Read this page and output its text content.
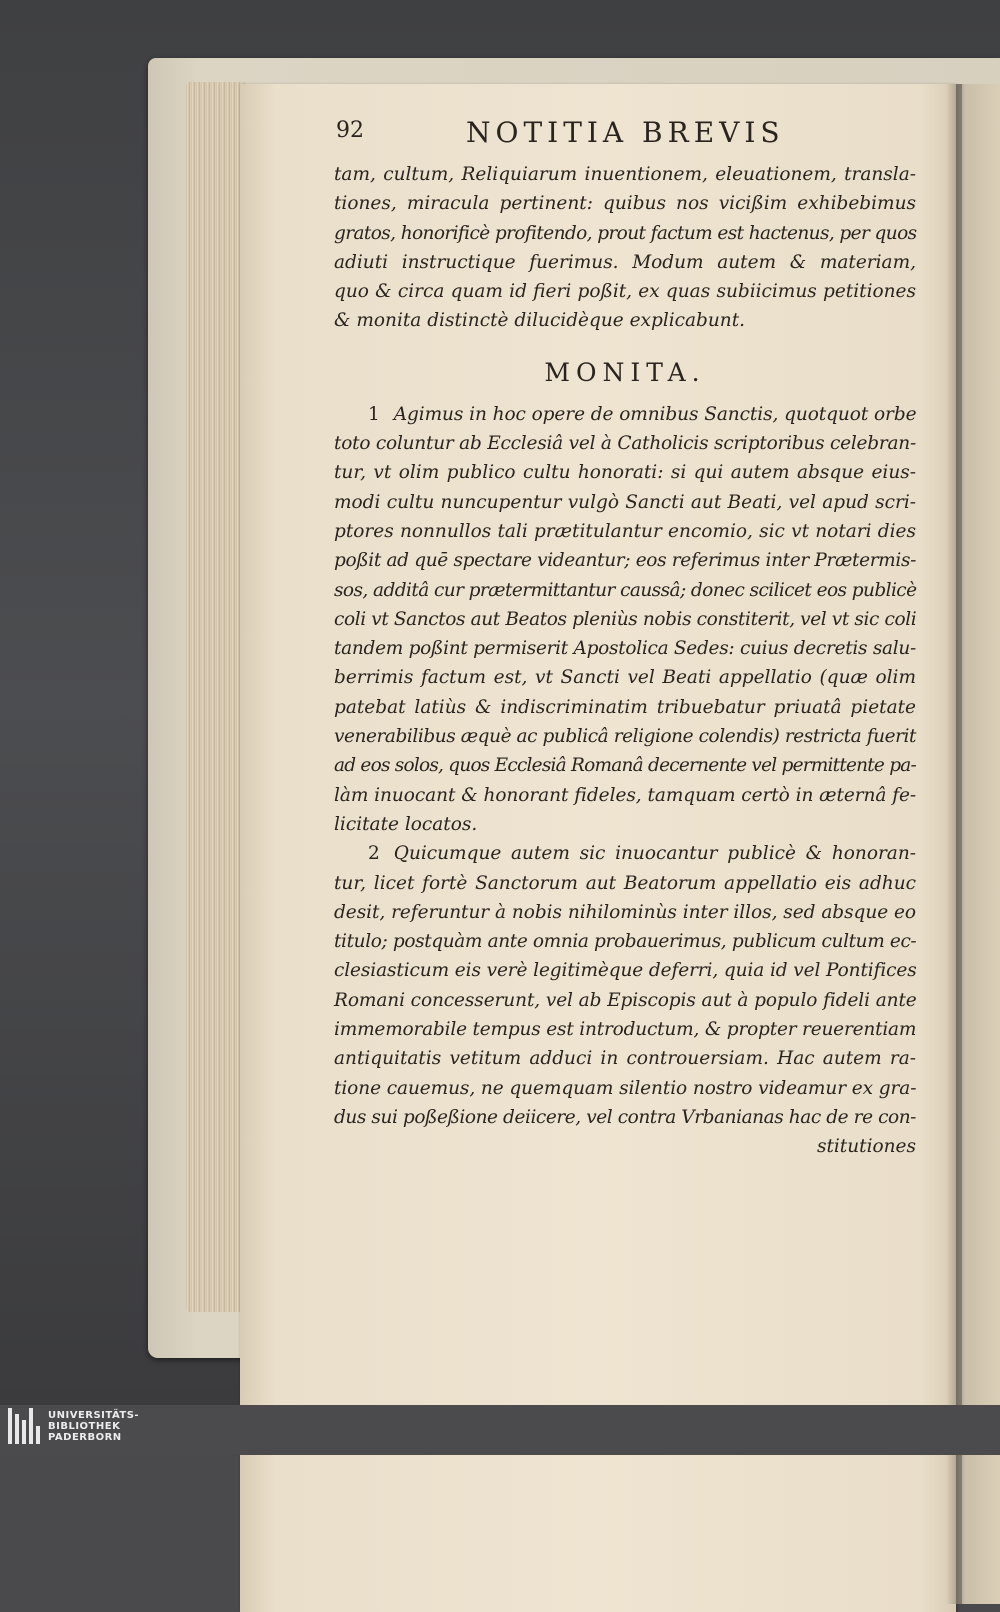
92	NOTITIA BREVIS
tam, cultum, Reliquiarum inuentionem, eleuationem, transla-
tiones, miracula pertinent: quibus nos vicißim exhibebimus
gratos, honorificè profitendo, prout factum est hactenus, per quos
adiuti instructique fuerimus. Modum autem & materiam,
quo & circa quam id fieri poßit, ex quas subiicimus petitiones
& monita distinctè dilucidèque explicabunt.
MONITA.
1 Agimus in hoc opere de omnibus Sanctis, quotquot orbe
toto coluntur ab Ecclesiâ vel à Catholicis scriptoribus celebran-
tur, vt olim publico cultu honorati: si qui autem absque eius-
modi cultu nuncupentur vulgò Sancti aut Beati, vel apud scri-
ptores nonnullos tali prætitulantur encomio, sic vt notari dies
poßit ad quē spectare videantur; eos referimus inter Prætermis-
sos, additâ cur prætermittantur caussâ; donec scilicet eos publicè
coli vt Sanctos aut Beatos pleniùs nobis constiterit, vel vt sic coli
tandem poßint permiserit Apostolica Sedes: cuius decretis salu-
berrimis factum est, vt Sancti vel Beati appellatio (quæ olim
patebat latiùs & indiscriminatim tribuebatur priuatâ pietate
venerabilibus æquè ac publicâ religione colendis) restricta fuerit
ad eos solos, quos Ecclesiâ Romanâ decernente vel permittente pa-
làm inuocant & honorant fideles, tamquam certò in æternâ fe-
licitate locatos.
2 Quicumque autem sic inuocantur publicè & honoran-
tur, licet fortè Sanctorum aut Beatorum appellatio eis adhuc
desit, referuntur à nobis nihilominùs inter illos, sed absque eo
titulo; postquàm ante omnia probauerimus, publicum cultum ec-
clesiasticum eis verè legitimèque deferri, quia id vel Pontifices
Romani concesserunt, vel ab Episcopis aut à populo fideli ante
immemorabile tempus est introductum, & propter reuerentiam
antiquitatis vetitum adduci in controuersiam. Hac autem ra-
tione cauemus, ne quemquam silentio nostro videamur ex gra-
dus sui poßeßione deiicere, vel contra Vrbanianas hac de re con-
stitutiones
UNIVERSITÄTS-
BIBLIOTHEK
PADERBORN
